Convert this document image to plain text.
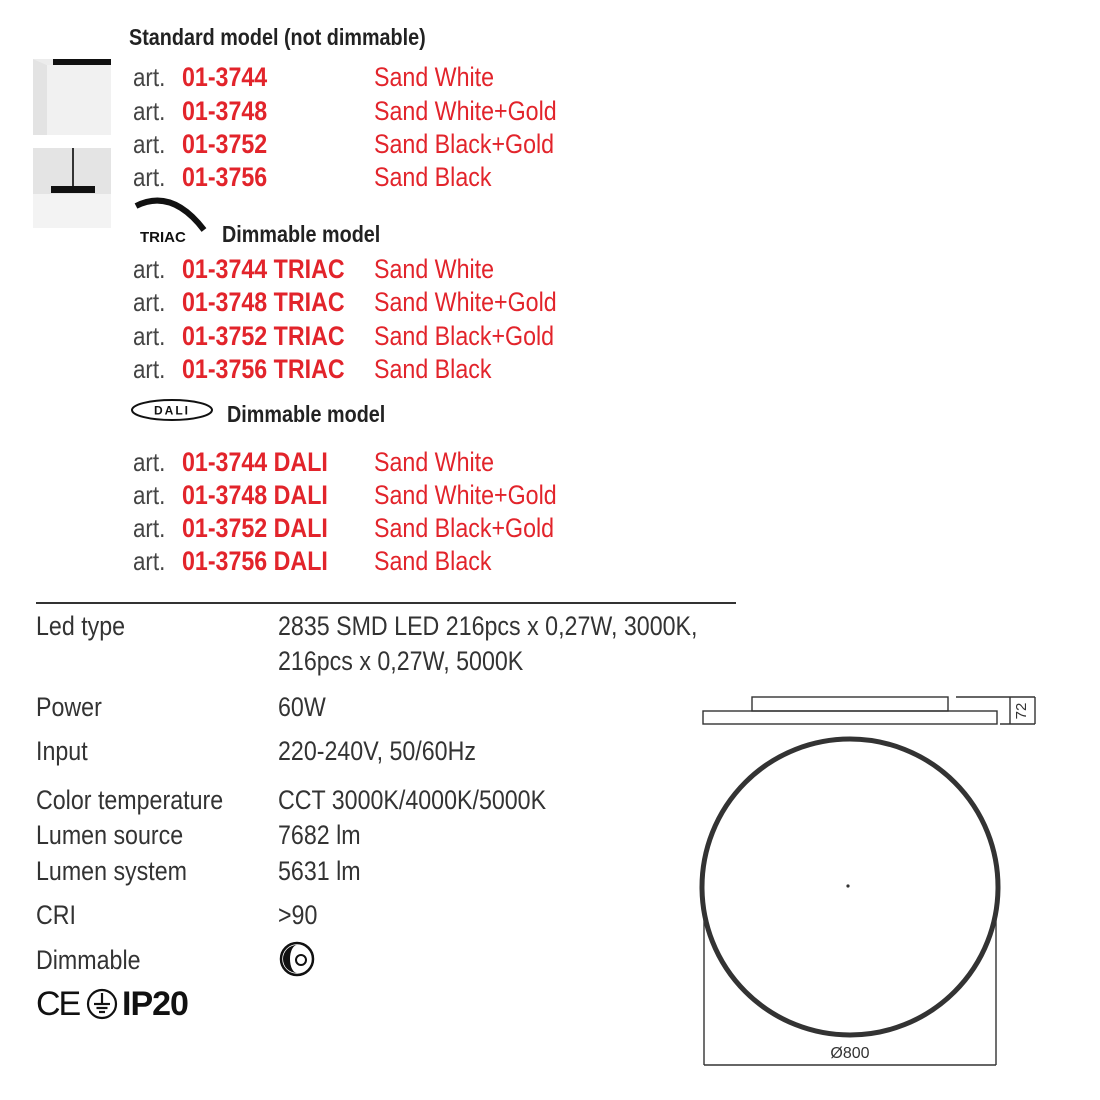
Standard model (not dimmable)
art. 01-3744	Sand White
art. 01-3748	Sand White+Gold
art. 01-3752	Sand Black+Gold
art. 01-3756	Sand Black
TRIAC Dimmable model
art. 01-3744 TRIAC Sand White
art. 01-3748 TRIAC Sand White+Gold
art. 01-3752 TRIAC Sand Black+Gold
art. 01-3756 TRIAC Sand Black
DALI Dimmable model
art. 01-3744 DALI Sand White
art. 01-3748 DALI Sand White+Gold
art. 01-3752 DALI Sand Black+Gold
art. 01-3756 DALI Sand Black
Led type	2835 SMD LED 216pcs x 0,27W, 3000K,
216pcs x 0,27W, 5000K
Power	60W
Input	220-240V, 50/60Hz
Color temperature CCT 3000K/4000K/5000K
Lumen source	7682 lm
Lumen system	5631 lm
CRI	>90
Dimmable
CE IP20
72
Ø800
